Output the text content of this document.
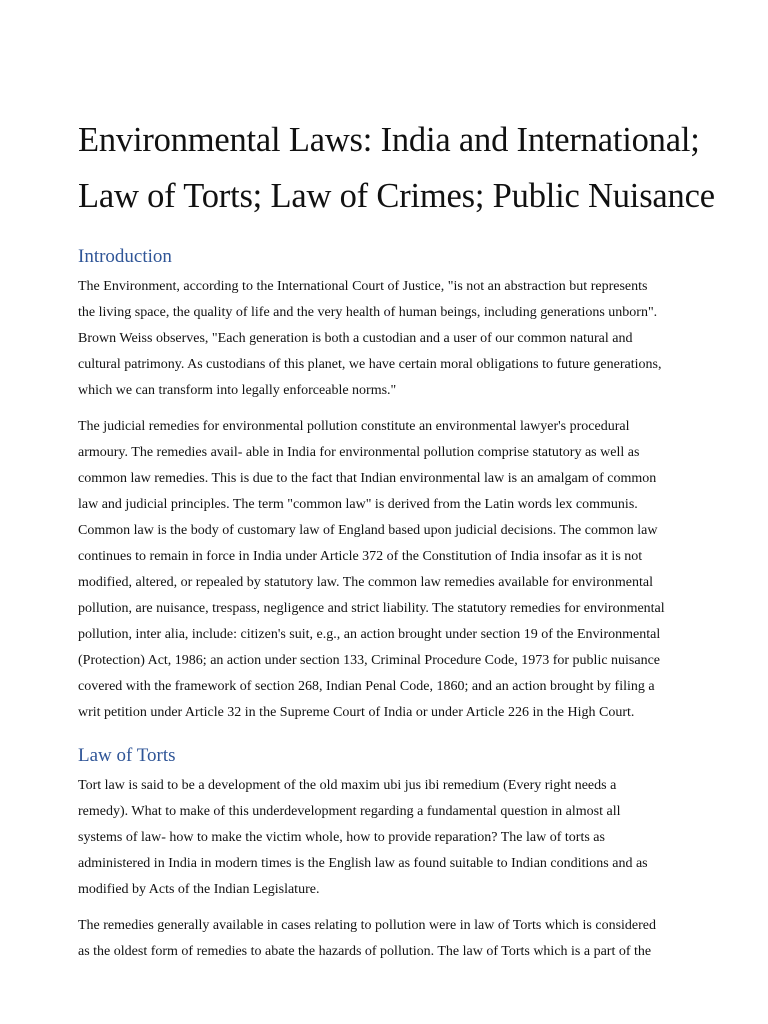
Environmental Laws: India and International;
Law of Torts; Law of Crimes; Public Nuisance
Introduction

The Environment, according to the International Court of Justice, "is not an abstraction but represents
the living space, the quality of life and the very health of human beings, including generations unborn".
Brown Weiss observes, "Each generation is both a custodian and a user of our common natural and
cultural patrimony. As custodians of this planet, we have certain moral obligations to future generations,
which we can transform into legally enforceable norms."

The judicial remedies for environmental pollution constitute an environmental lawyer's procedural
armoury. The remedies avail- able in India for environmental pollution comprise statutory as well as
common law remedies. This is due to the fact that Indian environmental law is an amalgam of common
law and judicial principles. The term "common law" is derived from the Latin words lex communis.
Common law is the body of customary law of England based upon judicial decisions. The common law
continues to remain in force in India under Article 372 of the Constitution of India insofar as it is not
modified, altered, or repealed by statutory law. The common law remedies available for environmental
pollution, are nuisance, trespass, negligence and strict liability. The statutory remedies for environmental
pollution, inter alia, include: citizen's suit, e.g., an action brought under section 19 of the Environmental
(Protection) Act, 1986; an action under section 133, Criminal Procedure Code, 1973 for public nuisance
covered with the framework of section 268, Indian Penal Code, 1860; and an action brought by filing a
writ petition under Article 32 in the Supreme Court of India or under Article 226 in the High Court.

Law of Torts

Tort law is said to be a development of the old maxim ubi jus ibi remedium (Every right needs a
remedy). What to make of this underdevelopment regarding a fundamental question in almost all
systems of law- how to make the victim whole, how to provide reparation? The law of torts as
administered in India in modern times is the English law as found suitable to Indian conditions and as
modified by Acts of the Indian Legislature.

The remedies generally available in cases relating to pollution were in law of Torts which is considered
as the oldest form of remedies to abate the hazards of pollution. The law of Torts which is a part of the
